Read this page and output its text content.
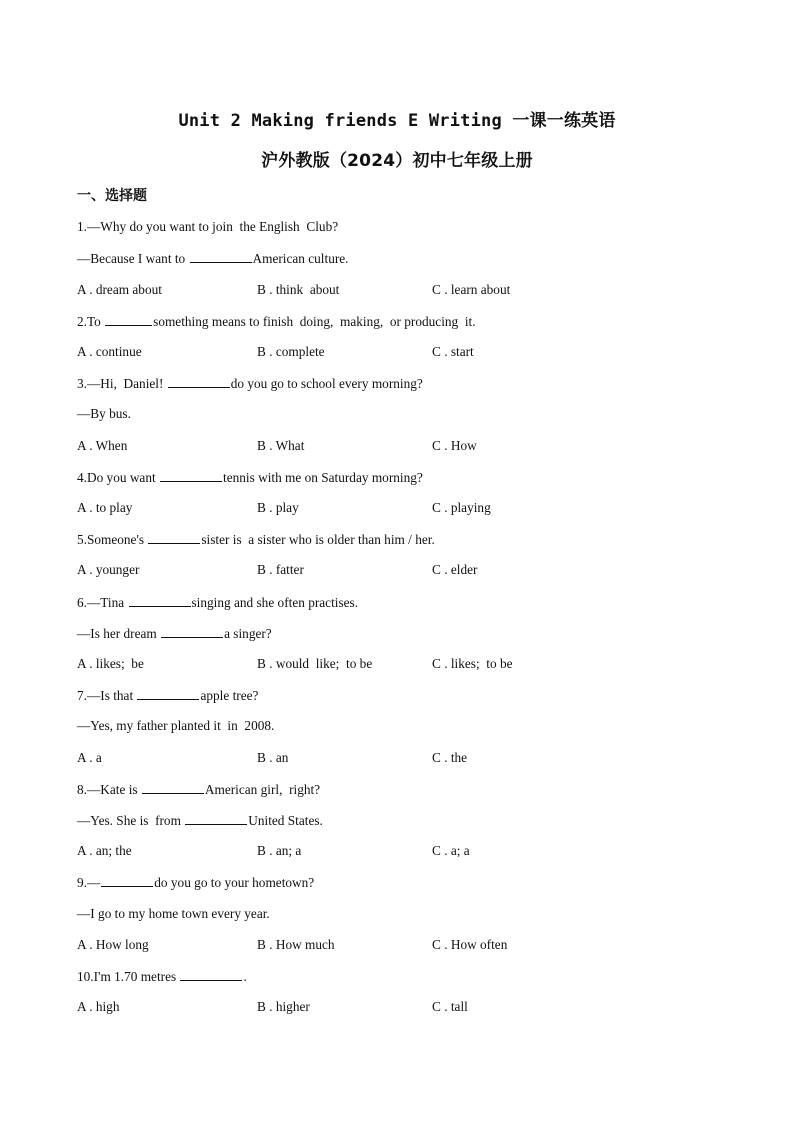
Unit 2 Making friends E Writing 一课一练英语
沪外教版（2024）初中七年级上册
一、选择题
1.—Why do you want to join  the English  Club?
—Because I want to	American culture.
A . dream about	B . think  about	C . learn about
2.To	something means to finish  doing,  making,  or producing  it.
A . continue	B . complete	C . start
3.—Hi,  Daniel!	do you go to school every morning?
—By bus.
A . When	B . What	C . How
4.Do you want	tennis with me on Saturday morning?
A . to play	B . play	C . playing
5.Someone's	sister is  a sister who is older than him / her.
A . younger	B . fatter	C . elder
6.—Tina	singing and she often practises.
—Is her dream	a singer?
A . likes;  be	B . would  like;  to be	C . likes;  to be
7.—Is that	apple tree?
—Yes, my father planted it  in  2008.
A . a	B . an	C . the
8.—Kate is	American girl,  right?
—Yes. She is  from	United States.
A . an; the	B . an; a	C . a; a
9.—	do you go to your hometown?
—I go to my home town every year.
A . How long	B . How much	C . How often
10.I'm 1.70 metres	.
A . high	B . higher	C . tall
